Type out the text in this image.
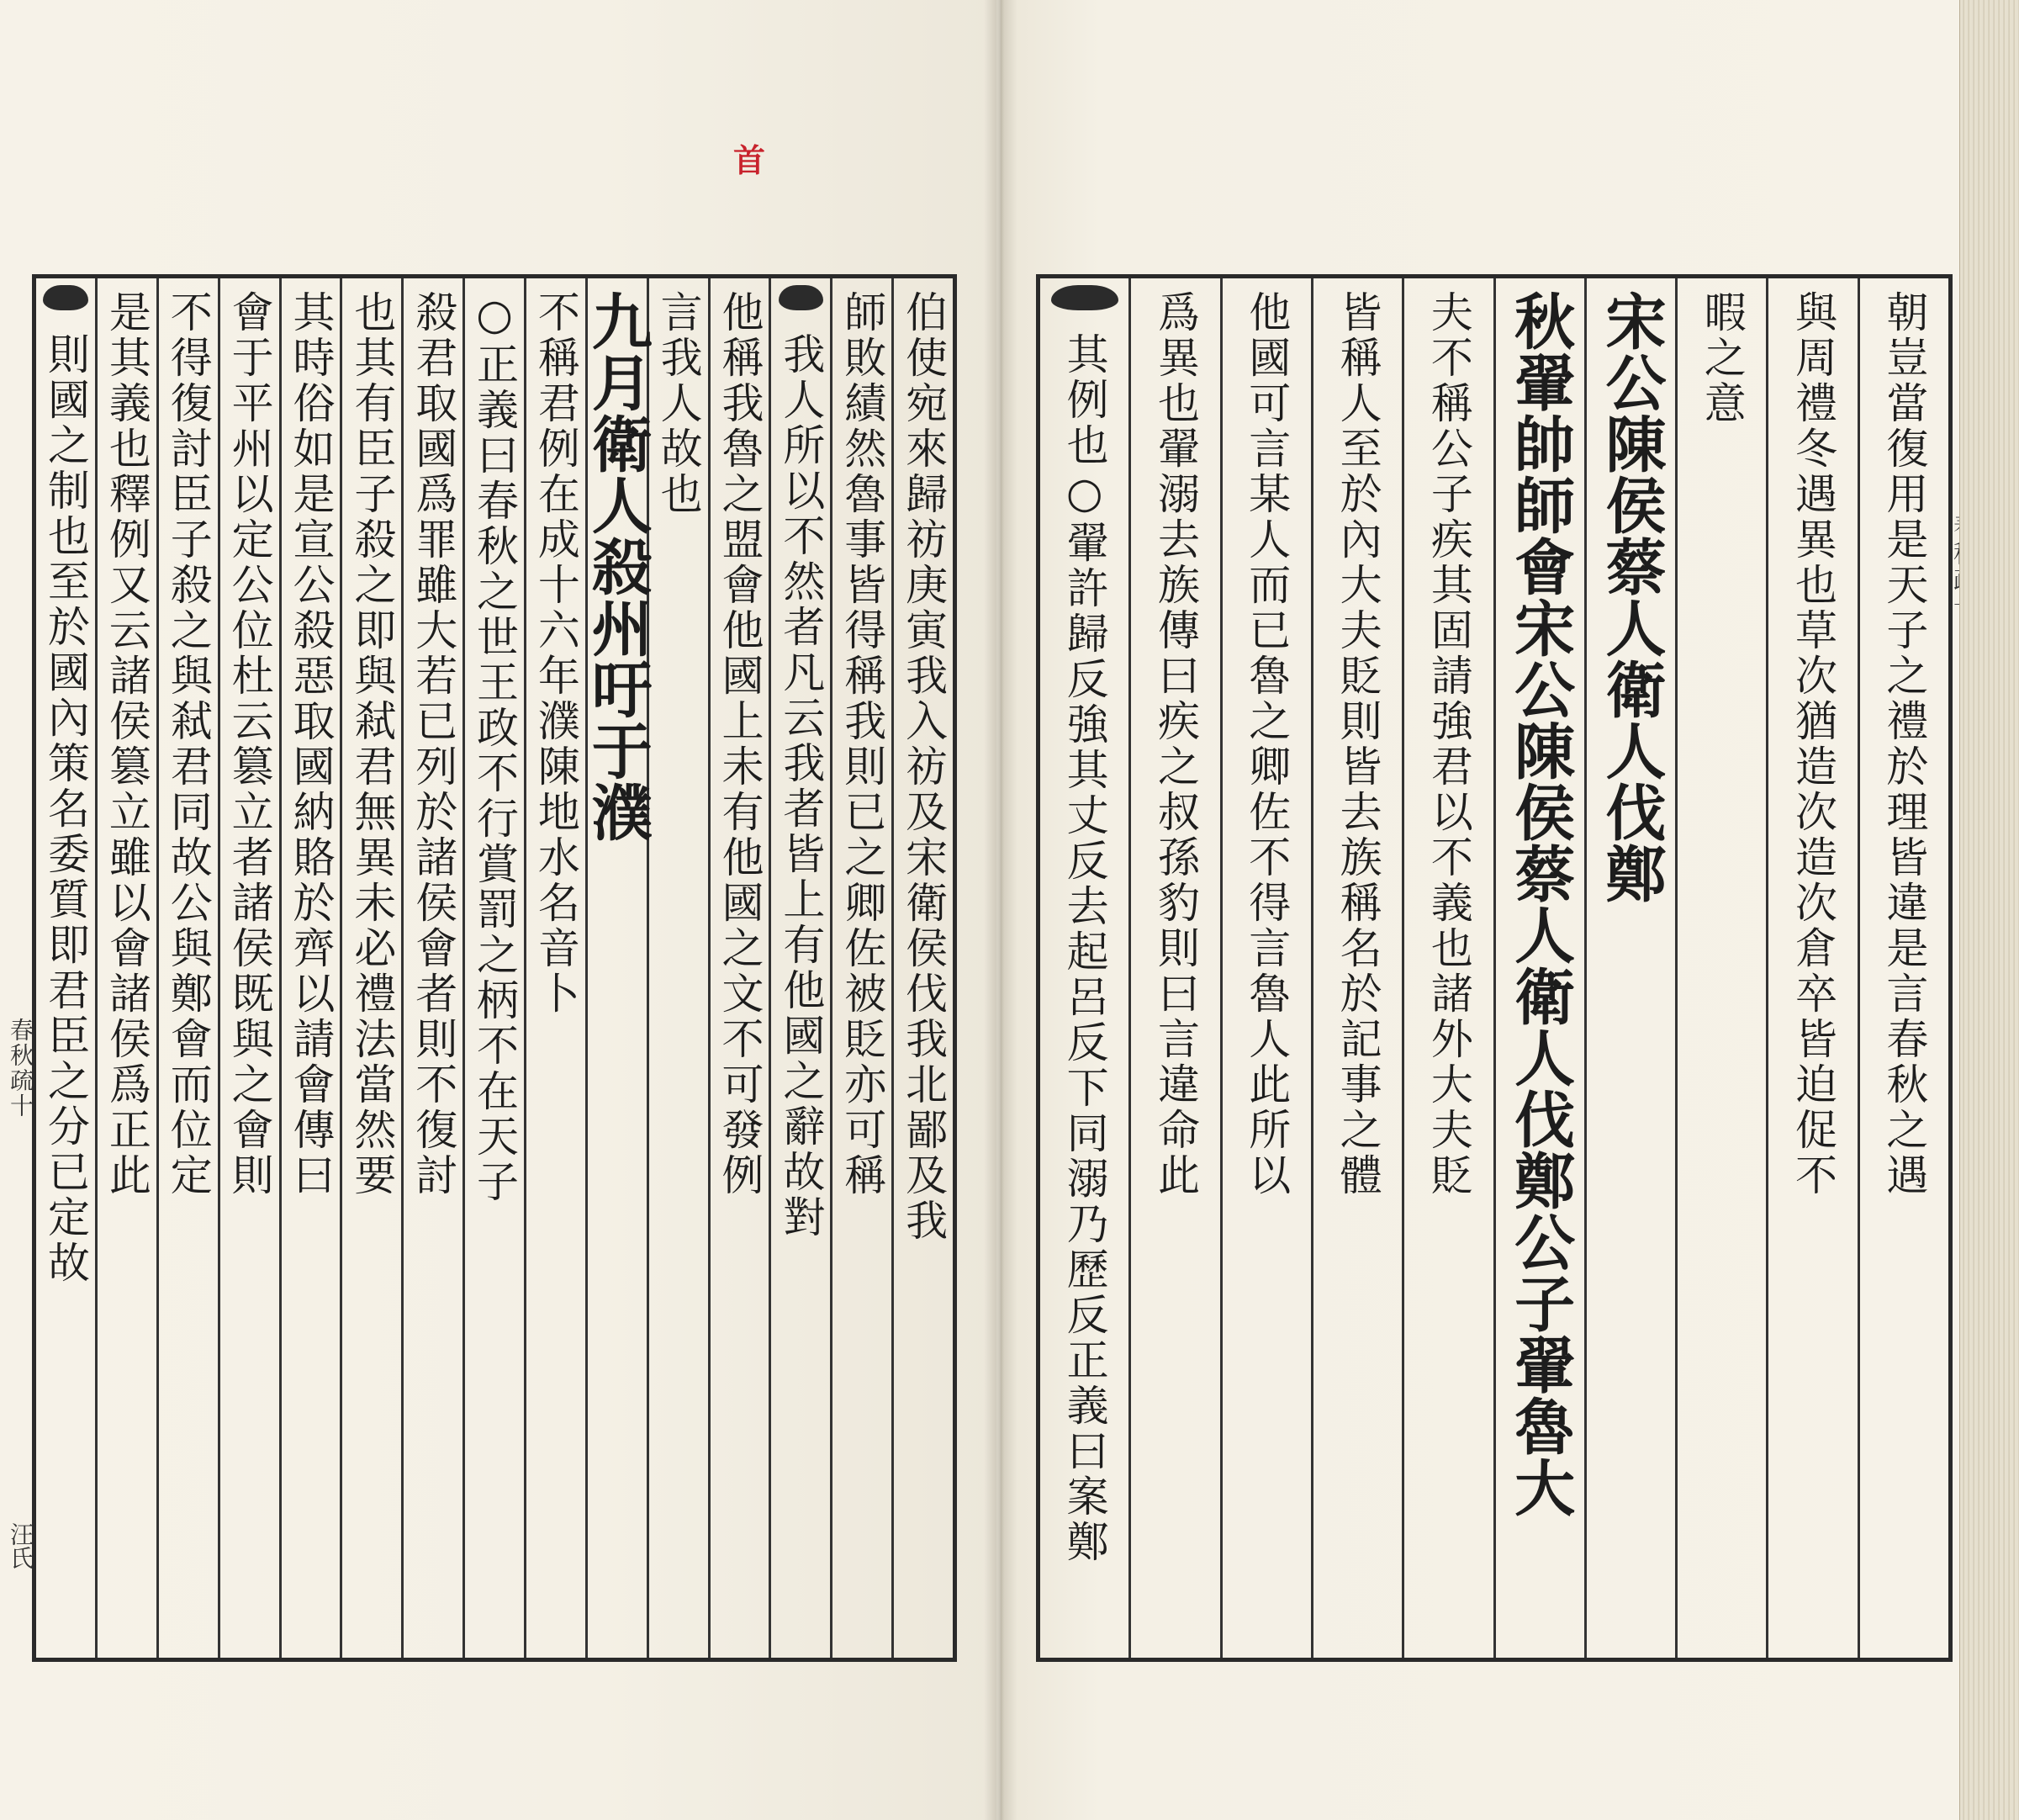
首
春秋疏十
汪氏
伯使宛來歸祊庚寅我入祊及宋衛侯伐我北鄙及我
師敗績然魯事皆得稱我則已之卿佐被貶亦可稱
我人所以不然者凡云我者皆上有他國之辭故對
他稱我魯之盟會他國上未有他國之文不可發例
言我人故也
九月衛人殺州吁于濮
不稱君例在成十六年濮陳地水名音卜
○正義曰春秋之世王政不行賞罰之柄不在天子
殺君取國爲罪雖大若已列於諸侯會者則不復討
也其有臣子殺之即與弒君無異未必禮法當然要
其時俗如是宣公殺惡取國納賂於齊以請會傳曰
會于平州以定公位杜云篡立者諸侯既與之會則
不得復討臣子殺之與弒君同故公與鄭會而位定
是其義也釋例又云諸侯篡立雖以會諸侯爲正此
則國之制也至於國內策名委質即君臣之分已定故	朝豈當復用是天子之禮於理皆違是言春秋之遇
與周禮冬遇異也草次猶造次造次倉卒皆迫促不
暇之意
宋公陳侯蔡人衛人伐鄭
秋翬帥師會宋公陳侯蔡人衛人伐鄭公子翬魯大
夫不稱公子疾其固請強君以不義也諸外大夫貶
皆稱人至於內大夫貶則皆去族稱名於記事之體
他國可言某人而已魯之卿佐不得言魯人此所以
爲異也翬溺去族傳曰疾之叔孫豹則曰言違命此
其例也○翬許歸反強其丈反去起呂反下同溺乃歷反正義曰案鄭
